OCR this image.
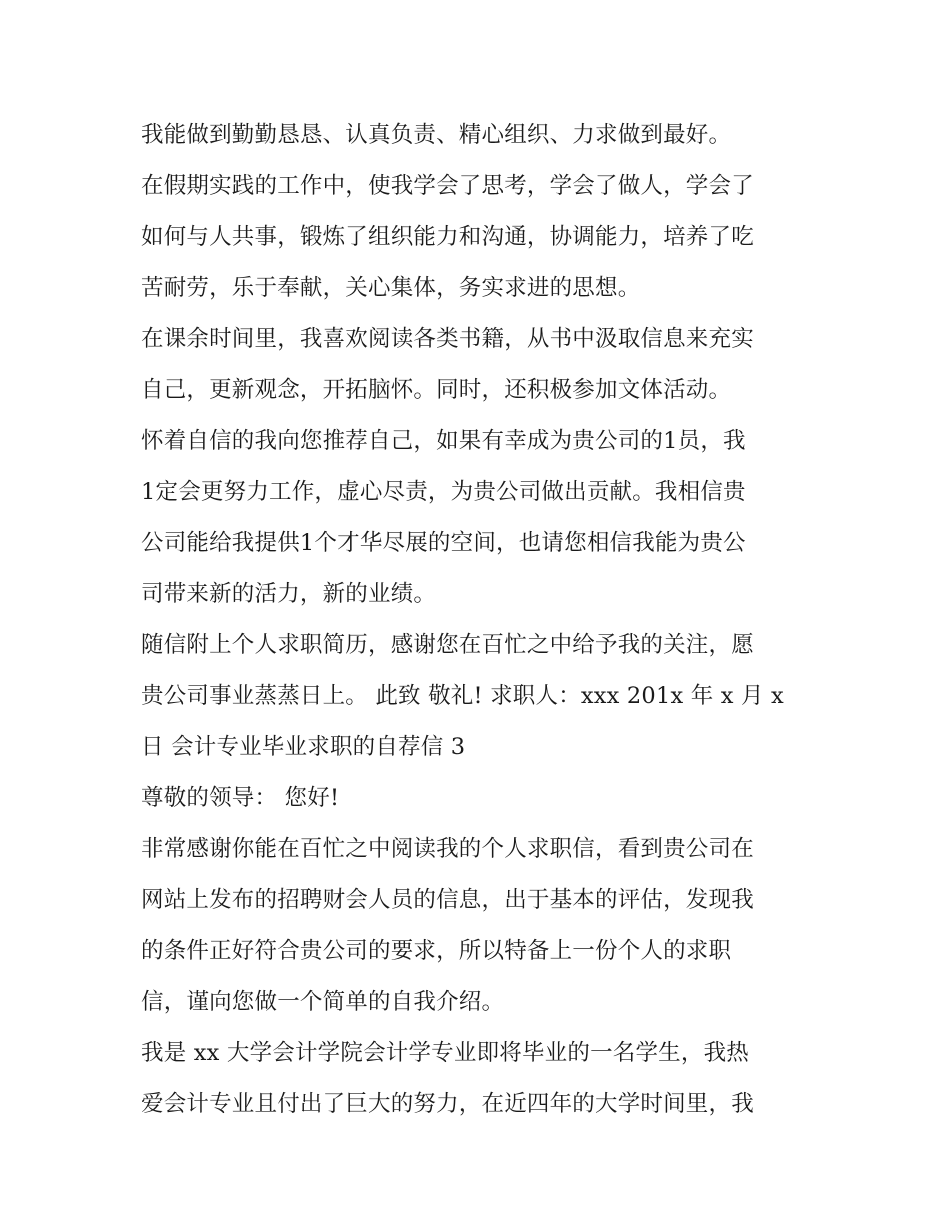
我能做到勤勤恳恳、认真负责、精心组织、力求做到最好。
在假期实践的工作中，使我学会了思考，学会了做人，学会了
如何与人共事，锻炼了组织能力和沟通，协调能力，培养了吃
苦耐劳，乐于奉献，关心集体，务实求进的思想。
在课余时间里，我喜欢阅读各类书籍，从书中汲取信息来充实
自己，更新观念，开拓脑怀。同时，还积极参加文体活动。
怀着自信的我向您推荐自己，如果有幸成为贵公司的1员，我
1定会更努力工作，虚心尽责，为贵公司做出贡献。我相信贵
公司能给我提供1个才华尽展的空间，也请您相信我能为贵公
司带来新的活力，新的业绩。
随信附上个人求职简历，感谢您在百忙之中给予我的关注，愿
贵公司事业蒸蒸日上。 此致 敬礼! 求职人：xxx 201x 年 x 月 x
日 会计专业毕业求职的自荐信 3
尊敬的领导： 您好!
非常感谢你能在百忙之中阅读我的个人求职信，看到贵公司在
网站上发布的招聘财会人员的信息，出于基本的评估，发现我
的条件正好符合贵公司的要求，所以特备上一份个人的求职
信，谨向您做一个简单的自我介绍。
我是 xx 大学会计学院会计学专业即将毕业的一名学生，我热
爱会计专业且付出了巨大的努力，在近四年的大学时间里，我
